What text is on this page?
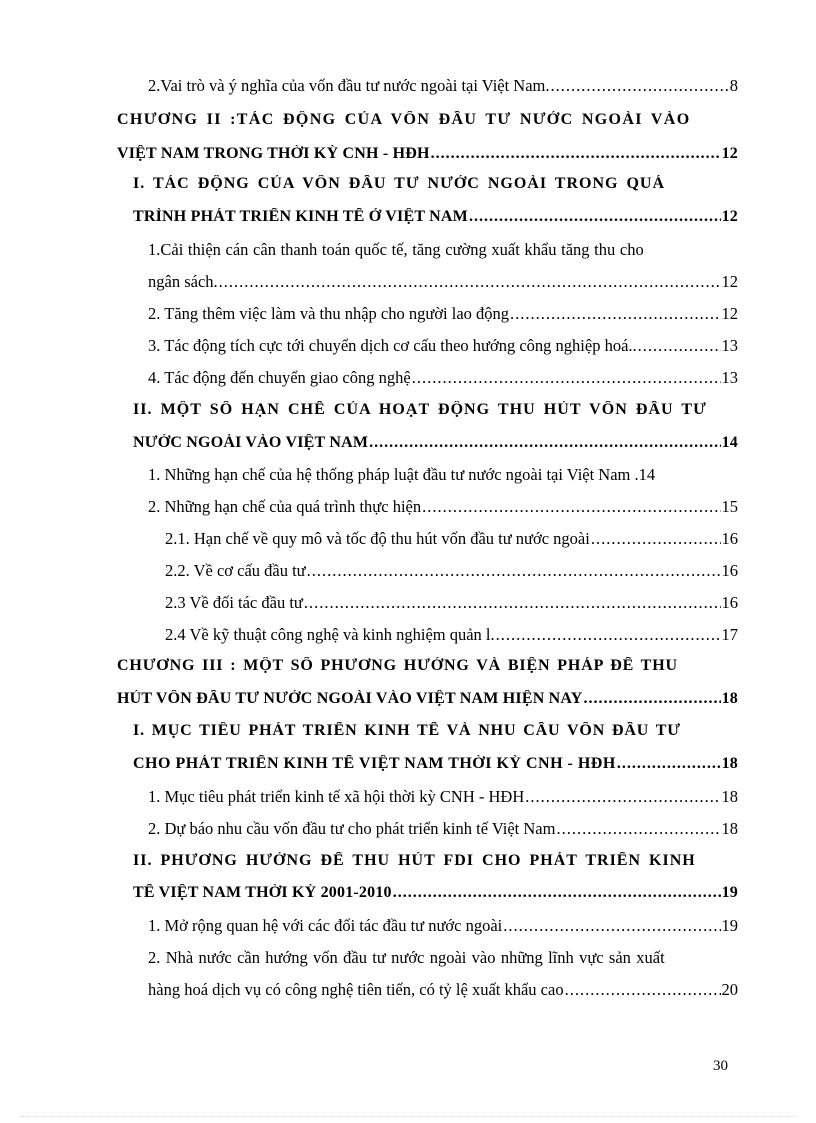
2.Vai trò và ý nghĩa của vốn đầu tư nước ngoài tại Việt Nam. .....	8
CHƯƠNG II :TÁC ĐỘNG CỦA VỐN ĐẦU TƯ NƯỚC NGOÀI VÀO
VIỆT NAM TRONG THỜI KỲ CNH - HĐH .....	12
I. TÁC ĐỘNG CỦA VỐN ĐẦU TƯ NƯỚC NGOÀI TRONG QUÁ
TRÌNH PHÁT TRIỂN KINH TẾ Ở VIỆT NAM .....	12
1.Cải thiện cán cân thanh toán quốc tế, tăng cường xuất khẩu tăng thu cho
ngân sách. .....	12
2. Tăng thêm việc làm và thu nhập cho người lao động .....	12
3. Tác động tích cực tới chuyển dịch cơ cấu theo hướng công nghiệp hoá.. .....	13
4. Tác động đến chuyển giao công nghệ .....	13
II. MỘT SỐ HẠN CHẾ CỦA HOẠT ĐỘNG THU HÚT VỐN ĐẦU TƯ
NƯỚC NGOÀI VÀO VIỆT NAM .....	14
1. Những hạn chế của hệ thống pháp luật đầu tư nước ngoài tại Việt Nam . 14
2. Những hạn chế của quá trình thực hiện .....	15
2.1. Hạn chế về quy mô và tốc độ thu hút vốn đầu tư nước ngoài .....	16
2.2. Về cơ cấu đầu tư .....	16
2.3 Về đối tác đầu tư .....	16
2.4 Về kỹ thuật công nghệ và kinh nghiệm quản l. .....	17
CHƯƠNG III : MỘT SỐ PHƯƠNG HƯỚNG VÀ BIỆN PHÁP ĐỂ THU
HÚT VỐN ĐẦU TƯ NƯỚC NGOÀI VÀO VIỆT NAM HIỆN NAY .....	18
I. MỤC TIÊU PHÁT TRIỂN KINH TẾ VÀ NHU CẦU VỐN ĐẦU TƯ
CHO PHÁT TRIỂN KINH TẾ VIỆT NAM THỜI KỲ CNH - HĐH .....	18
1. Mục tiêu phát triển kinh tế xã hội thời kỳ CNH - HĐH .....	18
2. Dự báo nhu cầu vốn đầu tư cho phát triển kinh tế Việt Nam .....	18
II. PHƯƠNG HƯỚNG ĐỂ THU HÚT FDI CHO PHÁT TRIỂN KINH
TẾ VIỆT NAM THỜI KỲ 2001-2010 .....	19
1. Mở rộng quan hệ với các đối tác đầu tư nước ngoài .....	19
2. Nhà nước cần hướng vốn đầu tư nước ngoài vào những lĩnh vực sản xuất
hàng hoá dịch vụ có công nghệ tiên tiến, có tỷ lệ xuất khẩu cao .....	20
30
